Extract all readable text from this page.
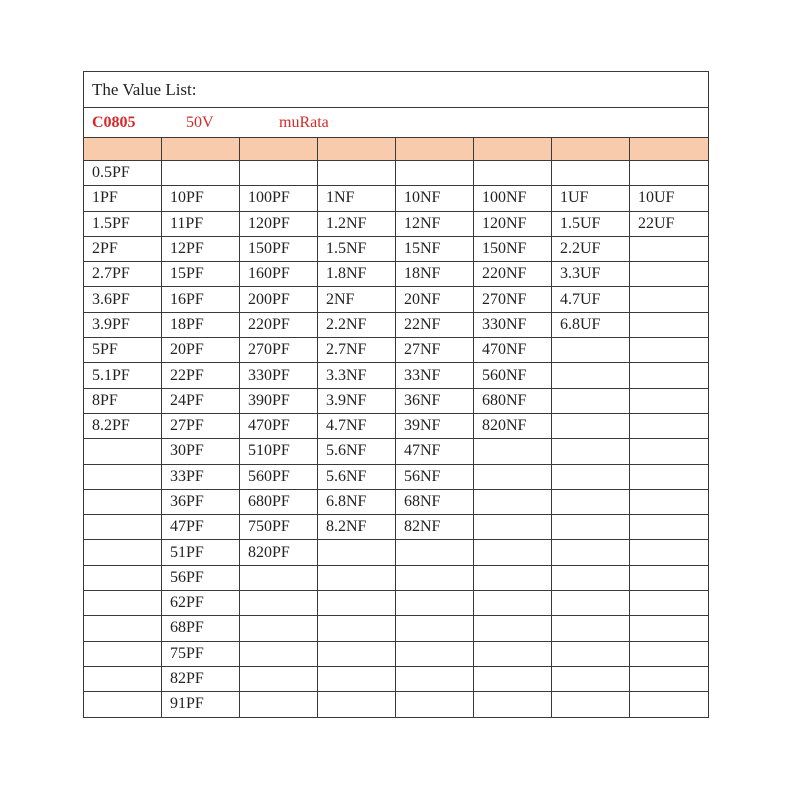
The Value List:							
C0805 50V muRata							

0.5PF							
1PF	10PF	100PF	1NF	10NF	100NF	1UF	10UF
1.5PF	11PF	120PF	1.2NF	12NF	120NF	1.5UF	22UF
2PF	12PF	150PF	1.5NF	15NF	150NF	2.2UF	
2.7PF	15PF	160PF	1.8NF	18NF	220NF	3.3UF	
3.6PF	16PF	200PF	2NF	20NF	270NF	4.7UF	
3.9PF	18PF	220PF	2.2NF	22NF	330NF	6.8UF	
5PF	20PF	270PF	2.7NF	27NF	470NF		
5.1PF	22PF	330PF	3.3NF	33NF	560NF		
8PF	24PF	390PF	3.9NF	36NF	680NF		
8.2PF	27PF	470PF	4.7NF	39NF	820NF		
	30PF	510PF	5.6NF	47NF			
	33PF	560PF	5.6NF	56NF			
	36PF	680PF	6.8NF	68NF			
	47PF	750PF	8.2NF	82NF			
	51PF	820PF					
	56PF						
	62PF						
	68PF						
	75PF						
	82PF						
	91PF						
